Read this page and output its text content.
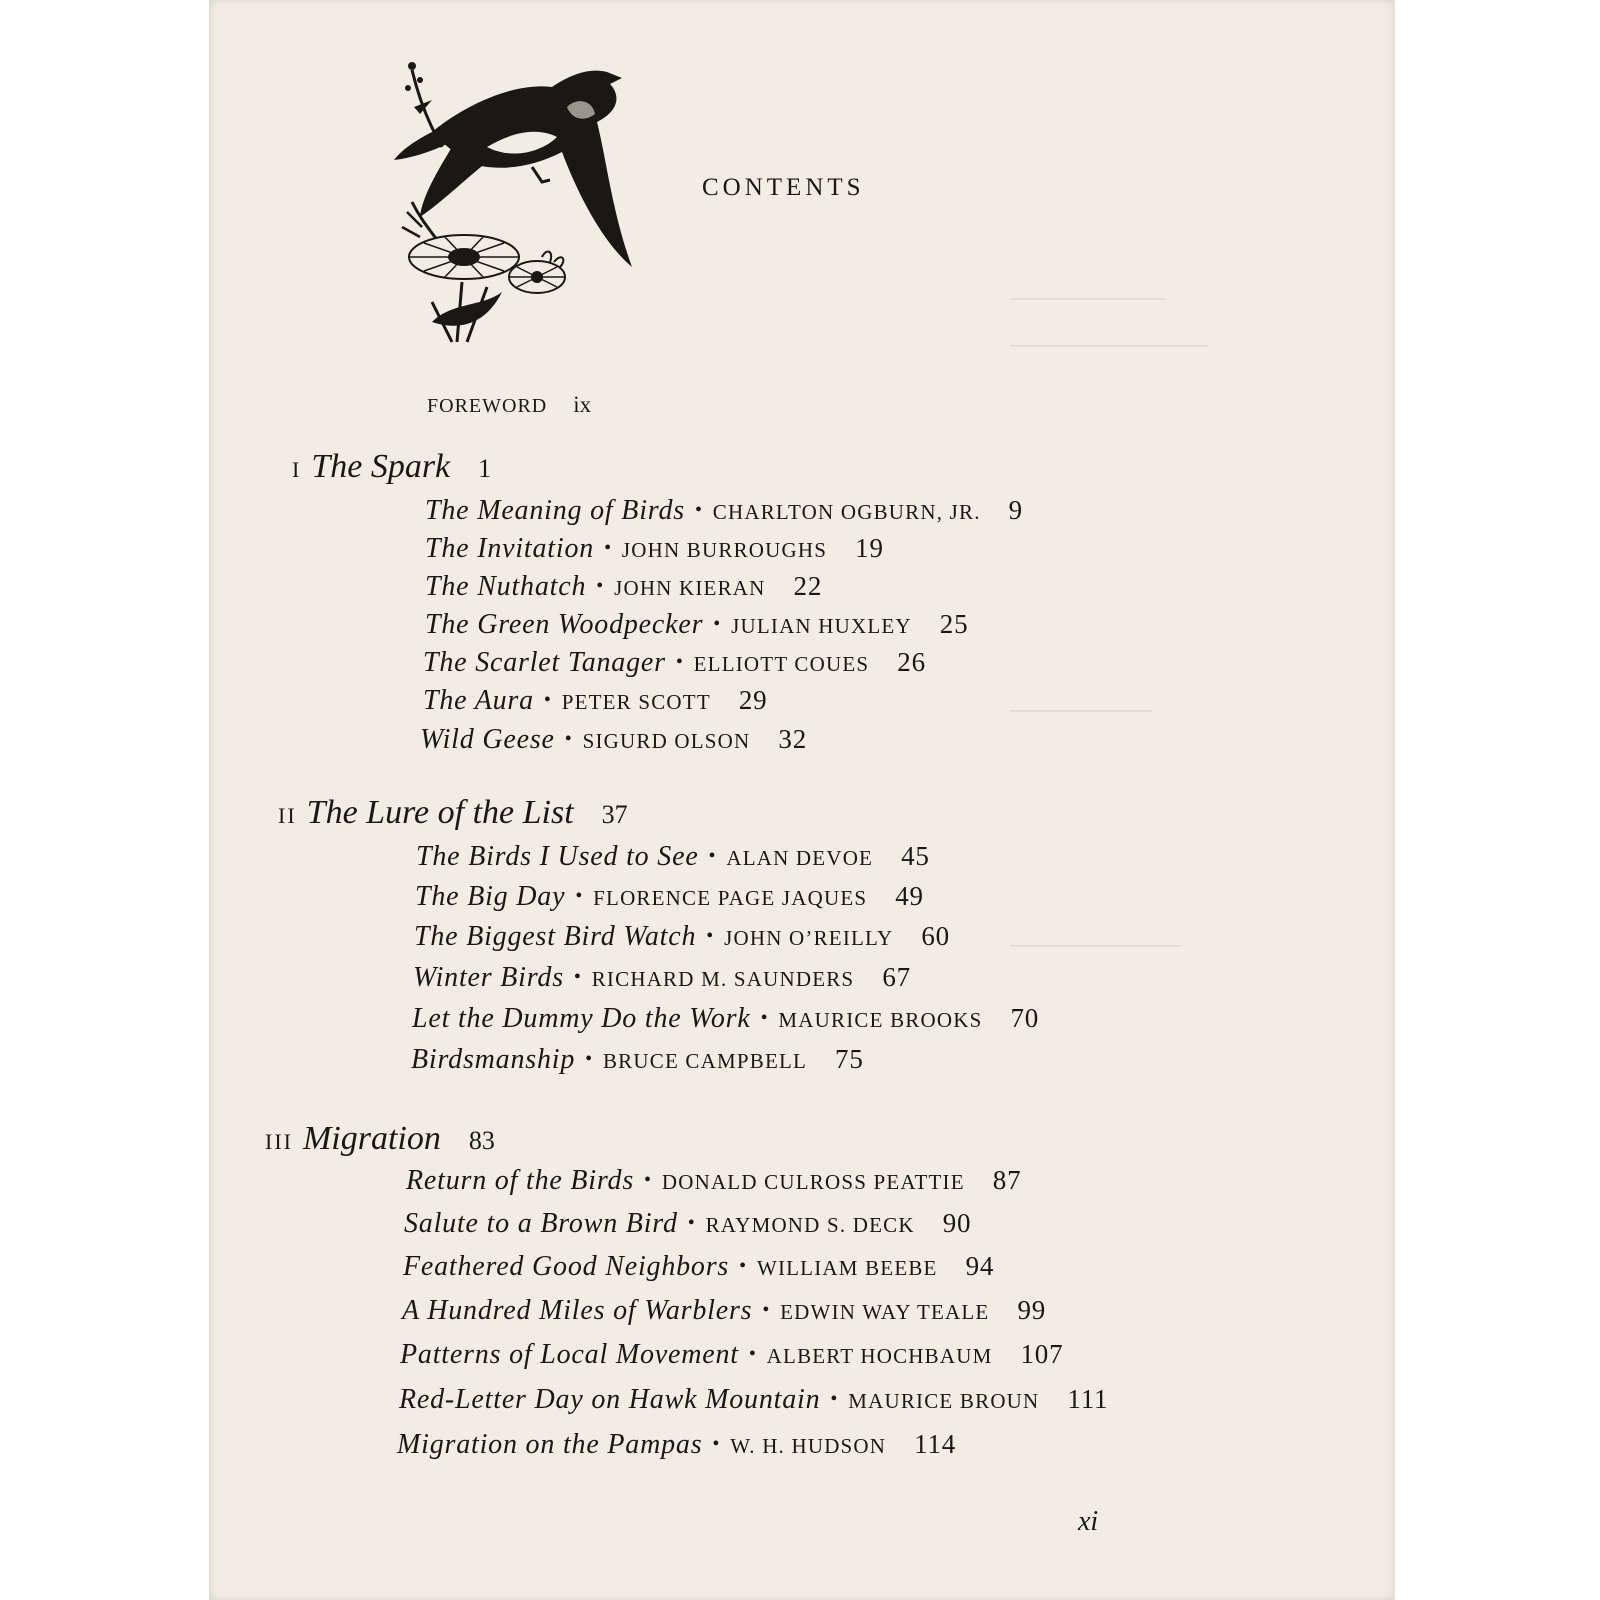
───────────
──────────────
──────────
────────────
CONTENTS
FOREWORD ix
I The Spark 1
The Meaning of Birds • CHARLTON OGBURN, JR. 9
The Invitation • JOHN BURROUGHS 19
The Nuthatch • JOHN KIERAN 22
The Green Woodpecker • JULIAN HUXLEY 25
The Scarlet Tanager • ELLIOTT COUES 26
The Aura • PETER SCOTT 29
Wild Geese • SIGURD OLSON 32
II The Lure of the List 37
The Birds I Used to See • ALAN DEVOE 45
The Big Day • FLORENCE PAGE JAQUES 49
The Biggest Bird Watch • JOHN O’REILLY 60
Winter Birds • RICHARD M. SAUNDERS 67
Let the Dummy Do the Work • MAURICE BROOKS 70
Birdsmanship • BRUCE CAMPBELL 75
III Migration 83
Return of the Birds • DONALD CULROSS PEATTIE 87
Salute to a Brown Bird • RAYMOND S. DECK 90
Feathered Good Neighbors • WILLIAM BEEBE 94
A Hundred Miles of Warblers • EDWIN WAY TEALE 99
Patterns of Local Movement • ALBERT HOCHBAUM 107
Red-Letter Day on Hawk Mountain • MAURICE BROUN 111
Migration on the Pampas • W. H. HUDSON 114
xi
